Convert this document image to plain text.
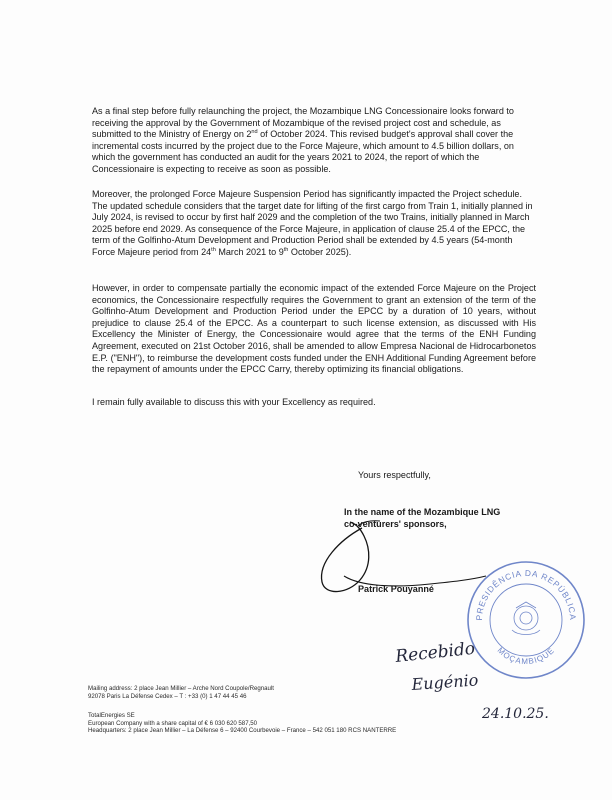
As a final step before fully relaunching the project, the Mozambique LNG Concessionaire looks forward to receiving the approval by the Government of Mozambique of the revised project cost and schedule, as submitted to the Ministry of Energy on 2nd of October 2024. This revised budget's approval shall cover the incremental costs incurred by the project due to the Force Majeure, which amount to 4.5 billion dollars, on which the government has conducted an audit for the years 2021 to 2024, the report of which the Concessionaire is expecting to receive as soon as possible.

Moreover, the prolonged Force Majeure Suspension Period has significantly impacted the Project schedule. The updated schedule considers that the target date for lifting of the first cargo from Train 1, initially planned in July 2024, is revised to occur by first half 2029 and the completion of the two Trains, initially planned in March 2025 before end 2029. As consequence of the Force Majeure, in application of clause 25.4 of the EPCC, the term of the Golfinho-Atum Development and Production Period shall be extended by 4.5 years (54-month Force Majeure period from 24th March 2021 to 9th October 2025).

However, in order to compensate partially the economic impact of the extended Force Majeure on the Project economics, the Concessionaire respectfully requires the Government to grant an extension of the term of the Golfinho-Atum Development and Production Period under the EPCC by a duration of 10 years, without prejudice to clause 25.4 of the EPCC. As a counterpart to such license extension, as discussed with His Excellency the Minister of Energy, the Concessionaire would agree that the terms of the ENH Funding Agreement, executed on 21st October 2016, shall be amended to allow Empresa Nacional de Hidrocarbonetos E.P. ("ENH"), to reimburse the development costs funded under the ENH Additional Funding Agreement before the repayment of amounts under the EPCC Carry, thereby optimizing its financial obligations.

I remain fully available to discuss this with your Excellency as required.

Yours respectfully,
In the name of the Mozambique LNG
co-venturers' sponsors,
Patrick Pouyanné
PRESIDÊNCIA DA REPÚBLICA
MOÇAMBIQUE
Recebido
Eugénio
24.10.25.
Mailing address: 2 place Jean Millier – Arche Nord Coupole/Regnault
92078 Paris La Défense Cedex – T : +33 (0) 1 47 44 45 46
TotalEnergies SE
European Company with a share capital of € 6 030 620 587,50
Headquarters: 2 place Jean Millier – La Défense 6 – 92400 Courbevoie – France – 542 051 180 RCS NANTERRE
